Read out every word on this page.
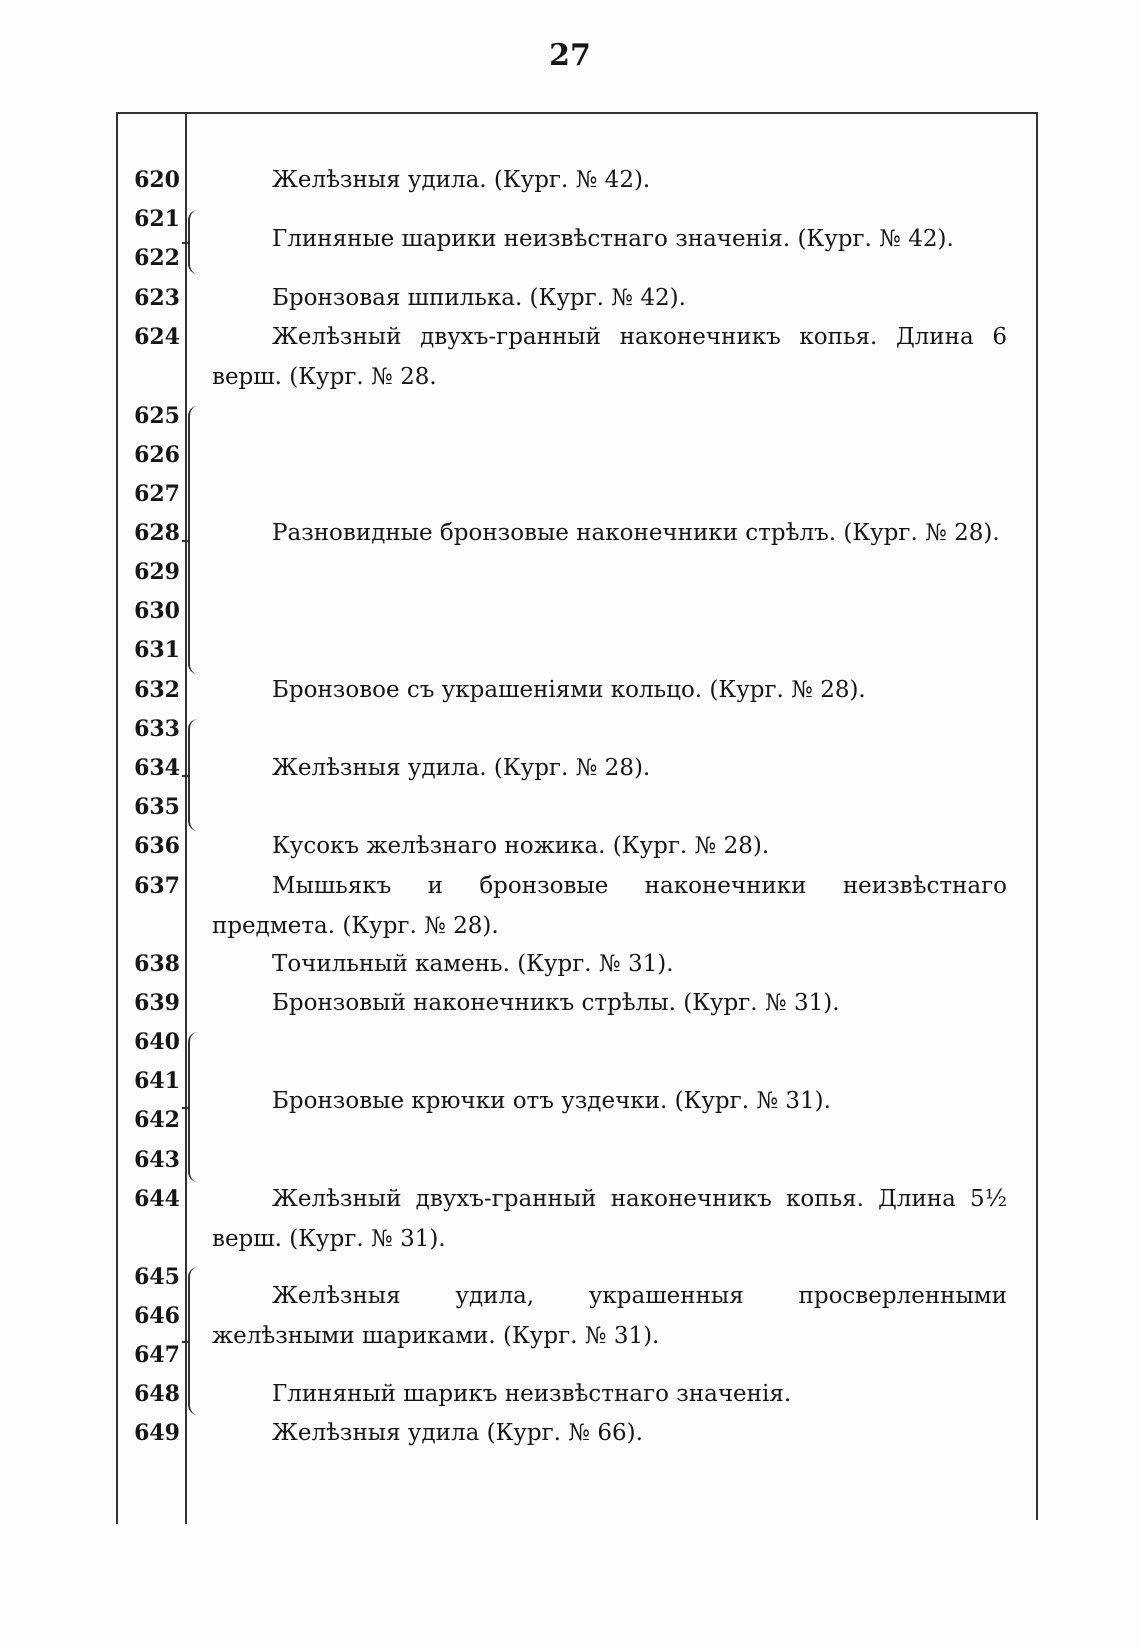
27
620
621
622
623
624
625
626
627
628
629
630
631
632
633
634
635
636
637
638
639
640
641
642
643
644
645
646
647
648
649
Желѣзныя удила. (Кург. № 42).
Глиняные шарики неизвѣстнаго значенія. (Кург. № 42).
Бронзовая шпилька. (Кург. № 42).
Желѣзный двухъ-гранный наконечникъ копья. Длина 6 верш. (Кург. № 28.
Разновидные бронзовые наконечники стрѣлъ. (Кург. № 28).
Бронзовое съ украшеніями кольцо. (Кург. № 28).
Желѣзныя удила. (Кург. № 28).
Кусокъ желѣзнаго ножика. (Кург. № 28).
Мышьякъ и бронзовые наконечники неизвѣстнаго предмета. (Кург. № 28).
Точильный камень. (Кург. № 31).
Бронзовый наконечникъ стрѣлы. (Кург. № 31).
Бронзовые крючки отъ уздечки. (Кург. № 31).
Желѣзный двухъ-гранный наконечникъ копья. Длина 5½ верш. (Кург. № 31).
Желѣзныя удила, украшенныя просверленными желѣзными шариками. (Кург. № 31).
Глиняный шарикъ неизвѣстнаго значенія.
Желѣзныя удила (Кург. № 66).
